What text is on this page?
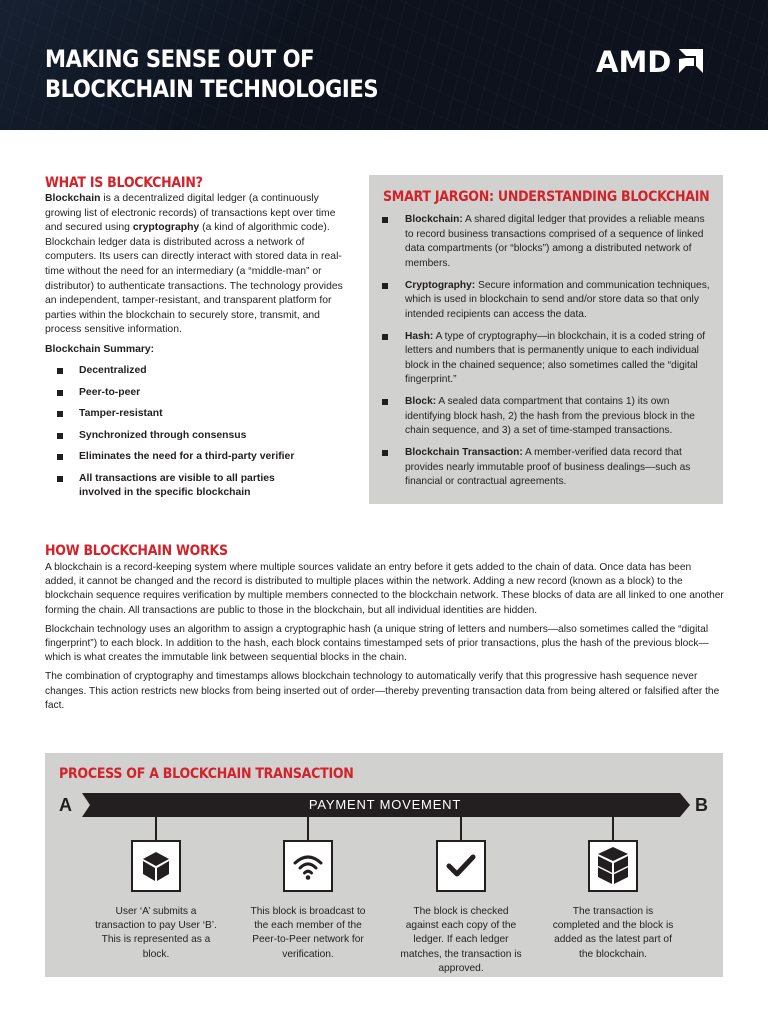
MAKING SENSE OUT OF
BLOCKCHAIN TECHNOLOGIES
AMD
WHAT IS BLOCKCHAIN?
Blockchain is a decentralized digital ledger (a continuously growing list of electronic records) of transactions kept over time and secured using cryptography (a kind of algorithmic code). Blockchain ledger data is distributed across a network of computers. Its users can directly interact with stored data in real-time without the need for an intermediary (a “middle-man” or distributor) to authenticate transactions. The technology provides an independent, tamper-resistant, and transparent platform for parties within the blockchain to securely store, transmit, and process sensitive information.
Blockchain Summary:
Decentralized
Peer-to-peer
Tamper-resistant
Synchronized through consensus
Eliminates the need for a third-party verifier
All transactions are visible to all parties involved in the specific blockchain
SMART JARGON: UNDERSTANDING BLOCKCHAIN
Blockchain: A shared digital ledger that provides a reliable means to record business transactions comprised of a sequence of linked data compartments (or “blocks”) among a distributed network of members.
Cryptography: Secure information and communication techniques, which is used in blockchain to send and/or store data so that only intended recipients can access the data.
Hash: A type of cryptography—in blockchain, it is a coded string of letters and numbers that is permanently unique to each individual block in the chained sequence; also sometimes called the “digital fingerprint.”
Block: A sealed data compartment that contains 1) its own identifying block hash, 2) the hash from the previous block in the chain sequence, and 3) a set of time-stamped transactions.
Blockchain Transaction: A member-verified data record that provides nearly immutable proof of business dealings—such as financial or contractual agreements.
HOW BLOCKCHAIN WORKS

A blockchain is a record-keeping system where multiple sources validate an entry before it gets added to the chain of data. Once data has been added, it cannot be changed and the record is distributed to multiple places within the network. Adding a new record (known as a block) to the blockchain sequence requires verification by multiple members connected to the blockchain network. These blocks of data are all linked to one another forming the chain. All transactions are public to those in the blockchain, but all individual identities are hidden.

Blockchain technology uses an algorithm to assign a cryptographic hash (a unique string of letters and numbers—also sometimes called the “digital fingerprint”) to each block. In addition to the hash, each block contains timestamped sets of prior transactions, plus the hash of the previous block—which is what creates the immutable link between sequential blocks in the chain.

The combination of cryptography and timestamps allows blockchain technology to automatically verify that this progressive hash sequence never changes. This action restricts new blocks from being inserted out of order—thereby preventing transaction data from being altered or falsified after the fact.

PROCESS OF A BLOCKCHAIN TRANSACTION
A	PAYMENT MOVEMENT	B
User ‘A’ submits a transaction to pay User ‘B’. This is represented as a block.
This block is broadcast to the each member of the Peer-to-Peer network for verification.
The block is checked against each copy of the ledger. If each ledger matches, the transaction is approved.
The transaction is completed and the block is added as the latest part of the blockchain.
